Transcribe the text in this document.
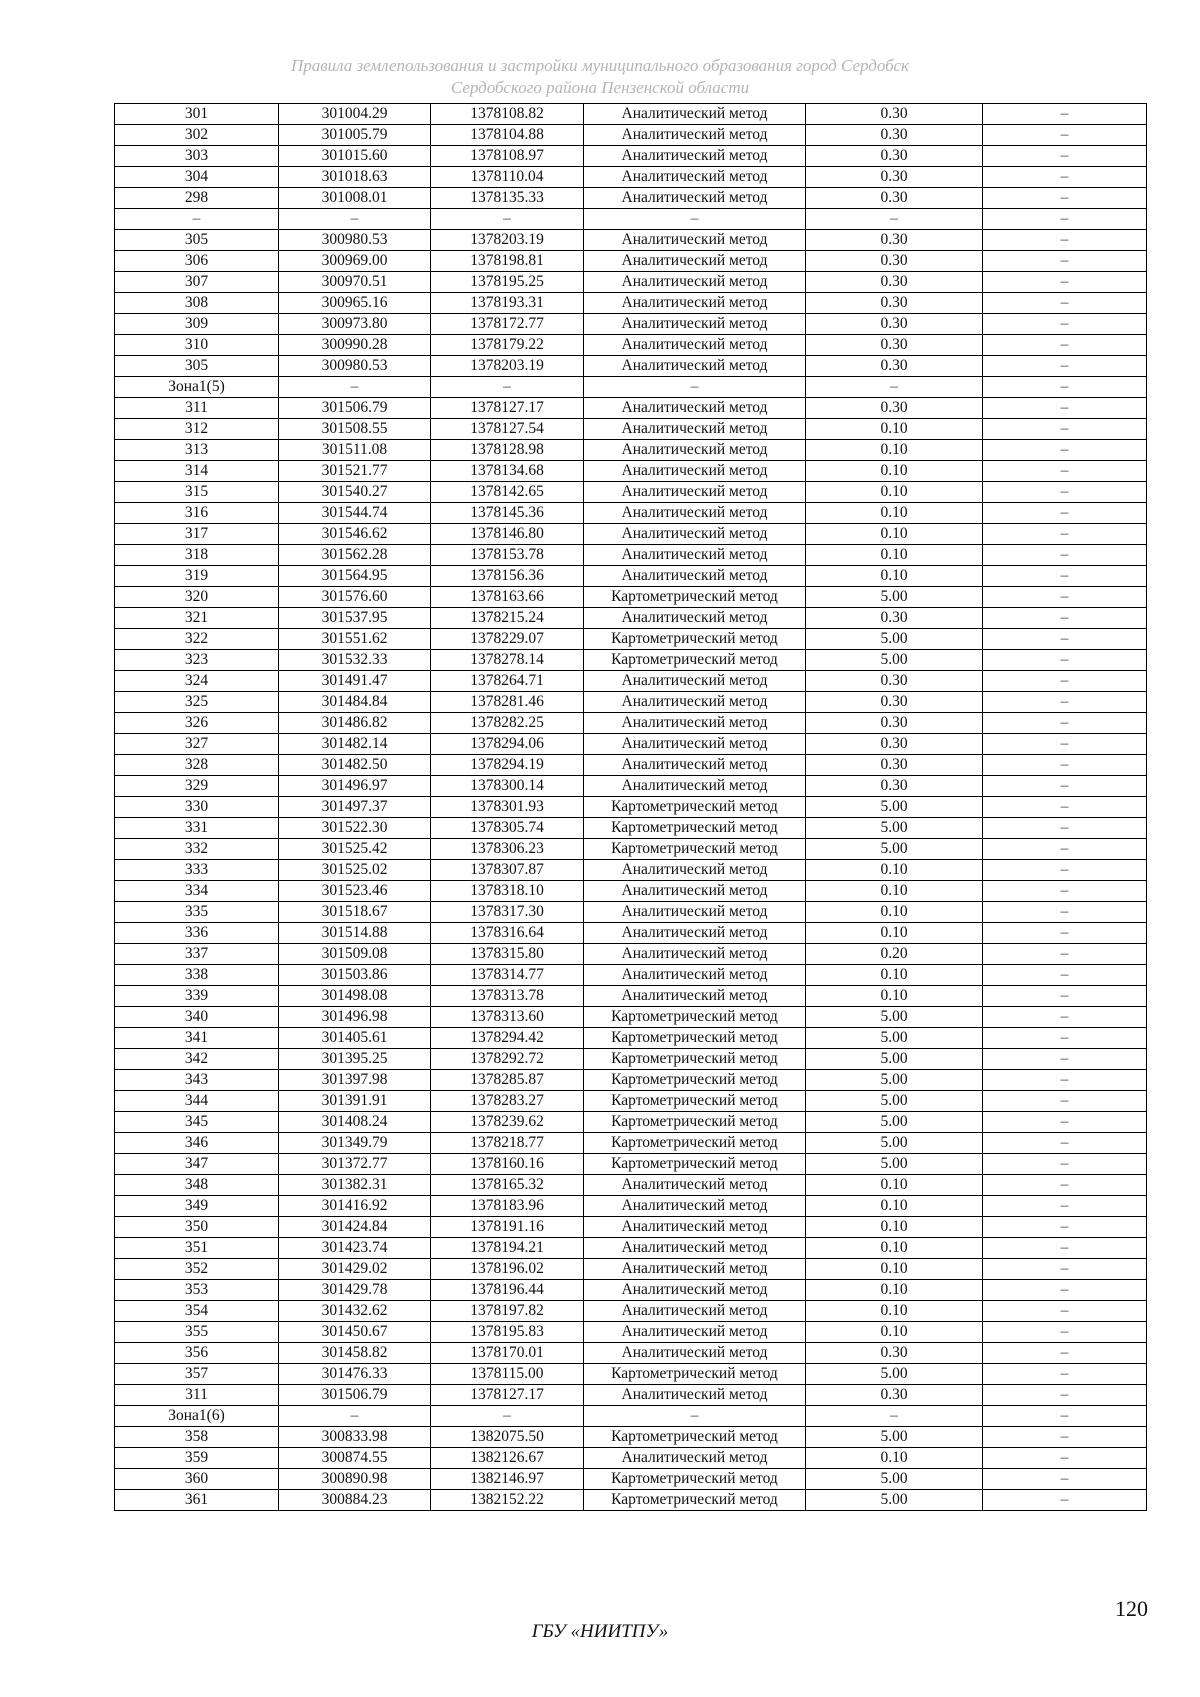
Правила землепользования и застройки муниципального образования город Сердобск
Сердобского района Пензенской области
301	301004.29	1378108.82	Аналитический метод	0.30	–
302	301005.79	1378104.88	Аналитический метод	0.30	–
303	301015.60	1378108.97	Аналитический метод	0.30	–
304	301018.63	1378110.04	Аналитический метод	0.30	–
298	301008.01	1378135.33	Аналитический метод	0.30	–
–	–	–	–	–	–
305	300980.53	1378203.19	Аналитический метод	0.30	–
306	300969.00	1378198.81	Аналитический метод	0.30	–
307	300970.51	1378195.25	Аналитический метод	0.30	–
308	300965.16	1378193.31	Аналитический метод	0.30	–
309	300973.80	1378172.77	Аналитический метод	0.30	–
310	300990.28	1378179.22	Аналитический метод	0.30	–
305	300980.53	1378203.19	Аналитический метод	0.30	–
Зона1(5)	–	–	–	–	–
311	301506.79	1378127.17	Аналитический метод	0.30	–
312	301508.55	1378127.54	Аналитический метод	0.10	–
313	301511.08	1378128.98	Аналитический метод	0.10	–
314	301521.77	1378134.68	Аналитический метод	0.10	–
315	301540.27	1378142.65	Аналитический метод	0.10	–
316	301544.74	1378145.36	Аналитический метод	0.10	–
317	301546.62	1378146.80	Аналитический метод	0.10	–
318	301562.28	1378153.78	Аналитический метод	0.10	–
319	301564.95	1378156.36	Аналитический метод	0.10	–
320	301576.60	1378163.66	Картометрический метод	5.00	–
321	301537.95	1378215.24	Аналитический метод	0.30	–
322	301551.62	1378229.07	Картометрический метод	5.00	–
323	301532.33	1378278.14	Картометрический метод	5.00	–
324	301491.47	1378264.71	Аналитический метод	0.30	–
325	301484.84	1378281.46	Аналитический метод	0.30	–
326	301486.82	1378282.25	Аналитический метод	0.30	–
327	301482.14	1378294.06	Аналитический метод	0.30	–
328	301482.50	1378294.19	Аналитический метод	0.30	–
329	301496.97	1378300.14	Аналитический метод	0.30	–
330	301497.37	1378301.93	Картометрический метод	5.00	–
331	301522.30	1378305.74	Картометрический метод	5.00	–
332	301525.42	1378306.23	Картометрический метод	5.00	–
333	301525.02	1378307.87	Аналитический метод	0.10	–
334	301523.46	1378318.10	Аналитический метод	0.10	–
335	301518.67	1378317.30	Аналитический метод	0.10	–
336	301514.88	1378316.64	Аналитический метод	0.10	–
337	301509.08	1378315.80	Аналитический метод	0.20	–
338	301503.86	1378314.77	Аналитический метод	0.10	–
339	301498.08	1378313.78	Аналитический метод	0.10	–
340	301496.98	1378313.60	Картометрический метод	5.00	–
341	301405.61	1378294.42	Картометрический метод	5.00	–
342	301395.25	1378292.72	Картометрический метод	5.00	–
343	301397.98	1378285.87	Картометрический метод	5.00	–
344	301391.91	1378283.27	Картометрический метод	5.00	–
345	301408.24	1378239.62	Картометрический метод	5.00	–
346	301349.79	1378218.77	Картометрический метод	5.00	–
347	301372.77	1378160.16	Картометрический метод	5.00	–
348	301382.31	1378165.32	Аналитический метод	0.10	–
349	301416.92	1378183.96	Аналитический метод	0.10	–
350	301424.84	1378191.16	Аналитический метод	0.10	–
351	301423.74	1378194.21	Аналитический метод	0.10	–
352	301429.02	1378196.02	Аналитический метод	0.10	–
353	301429.78	1378196.44	Аналитический метод	0.10	–
354	301432.62	1378197.82	Аналитический метод	0.10	–
355	301450.67	1378195.83	Аналитический метод	0.10	–
356	301458.82	1378170.01	Аналитический метод	0.30	–
357	301476.33	1378115.00	Картометрический метод	5.00	–
311	301506.79	1378127.17	Аналитический метод	0.30	–
Зона1(6)	–	–	–	–	–
358	300833.98	1382075.50	Картометрический метод	5.00	–
359	300874.55	1382126.67	Аналитический метод	0.10	–
360	300890.98	1382146.97	Картометрический метод	5.00	–
361	300884.23	1382152.22	Картометрический метод	5.00	–
120
ГБУ «НИИТПУ»
